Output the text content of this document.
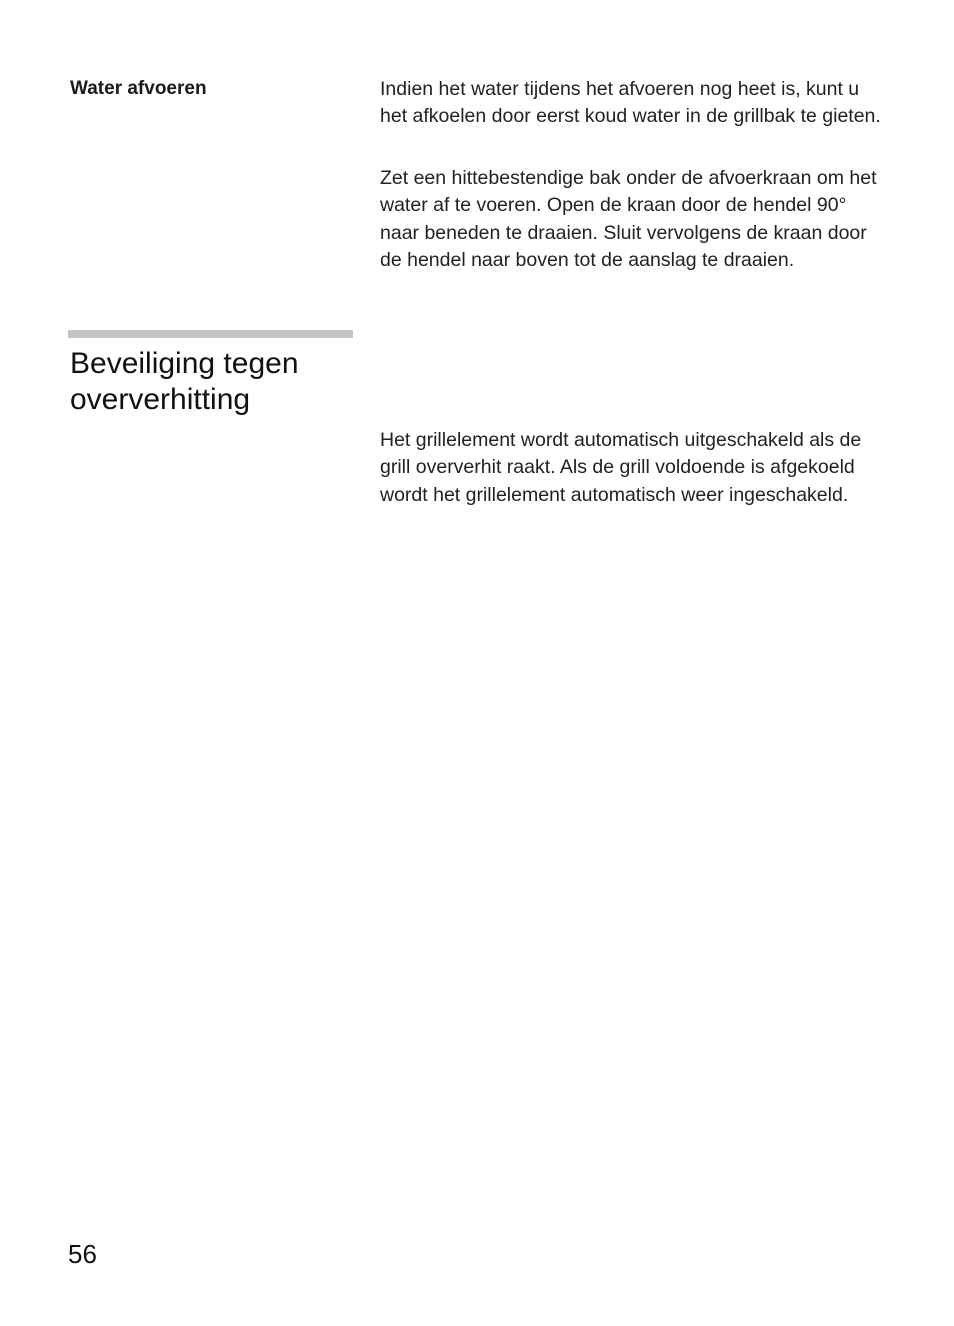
Water afvoeren	Indien het water tijdens het afvoeren nog heet is, kunt u het afkoelen door eerst koud water in de grillbak te gieten.

Zet een hittebestendige bak onder de afvoerkraan om het water af te voeren. Open de kraan door de hendel 90° naar beneden te draaien. Sluit vervolgens de kraan door de hendel naar boven tot de aanslag te draaien.

Beveiliging tegen oververhitting

Het grillelement wordt automatisch uitgeschakeld als de grill oververhit raakt. Als de grill voldoende is afgekoeld wordt het grillelement automatisch weer ingeschakeld.

56
